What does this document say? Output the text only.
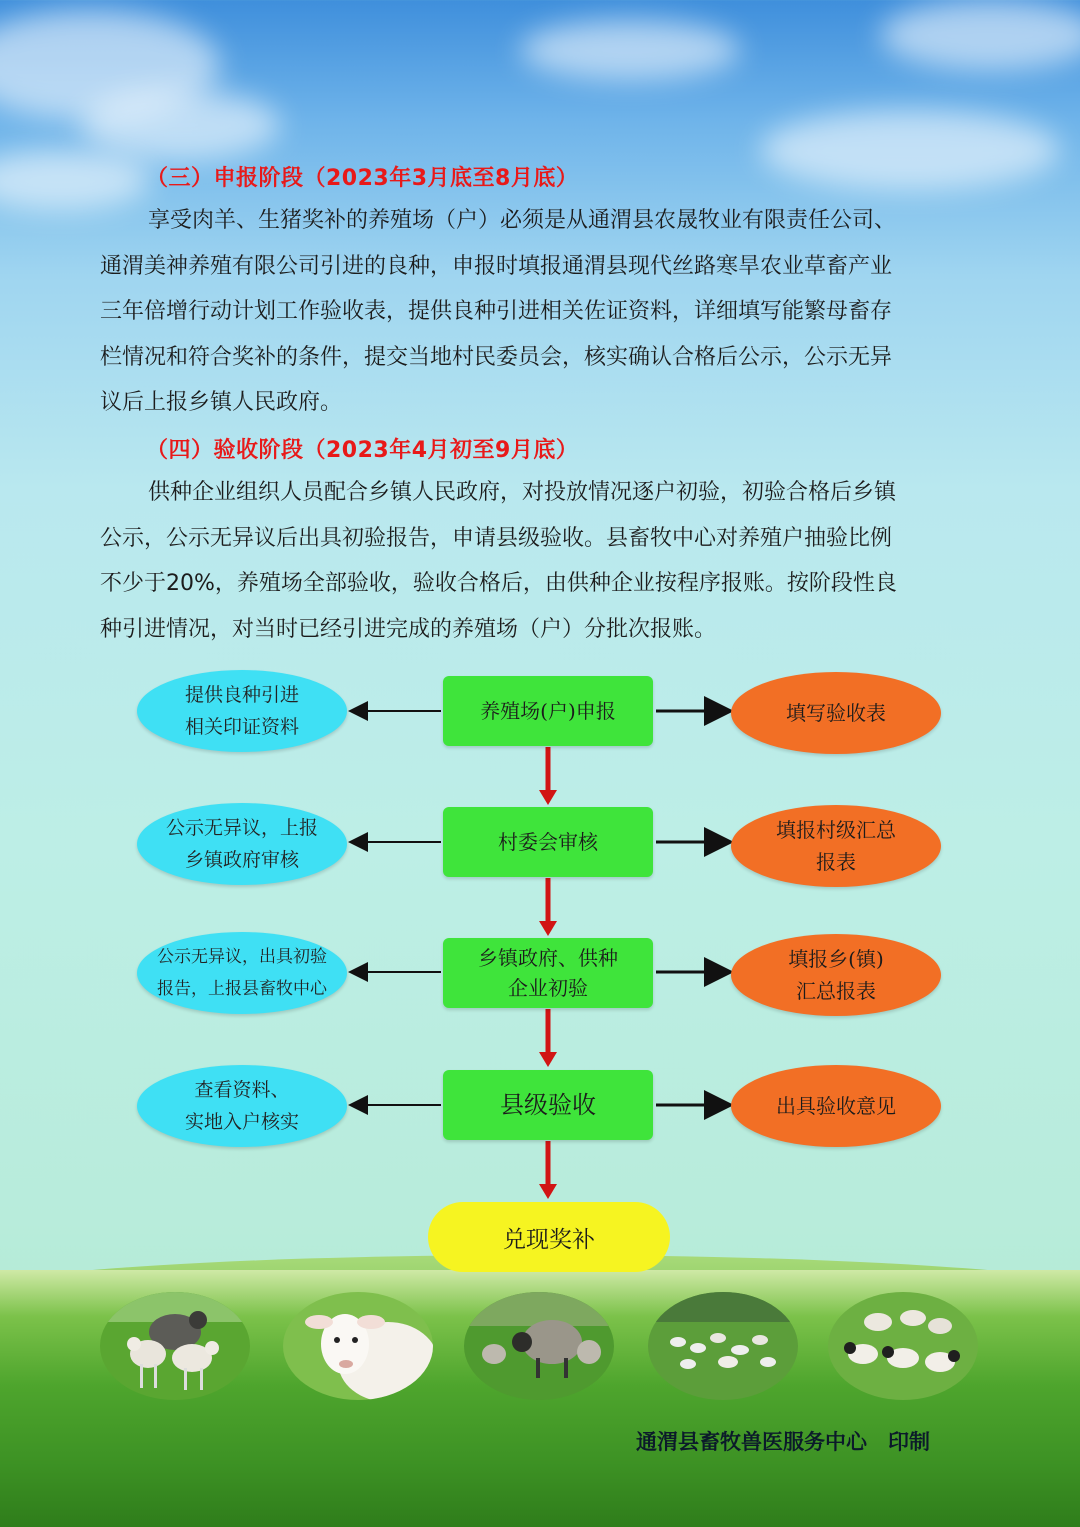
（三）申报阶段（2023年3月底至8月底）

享受肉羊、生猪奖补的养殖场（户）必须是从通渭县农晟牧业有限责任公司、
通渭美神养殖有限公司引进的良种，申报时填报通渭县现代丝路寒旱农业草畜产业
三年倍增行动计划工作验收表，提供良种引进相关佐证资料，详细填写能繁母畜存
栏情况和符合奖补的条件，提交当地村民委员会，核实确认合格后公示，公示无异
议后上报乡镇人民政府。

（四）验收阶段（2023年4月初至9月底）

供种企业组织人员配合乡镇人民政府，对投放情况逐户初验，初验合格后乡镇
公示，公示无异议后出具初验报告，申请县级验收。县畜牧中心对养殖户抽验比例
不少于20%，养殖场全部验收，验收合格后，由供种企业按程序报账。按阶段性良
种引进情况，对当时已经引进完成的养殖场（户）分批次报账。

提供良种引进
相关印证资料
养殖场(户)申报	填写验收表
公示无异议，上报
乡镇政府审核
村委会审核	填报村级汇总
报表
公示无异议，出具初验
报告，上报县畜牧中心
乡镇政府、供种
企业初验
填报乡(镇)
汇总报表
查看资料、
实地入户核实
县级验收	出具验收意见
兑现奖补
通渭县畜牧兽医服务中心　印制
